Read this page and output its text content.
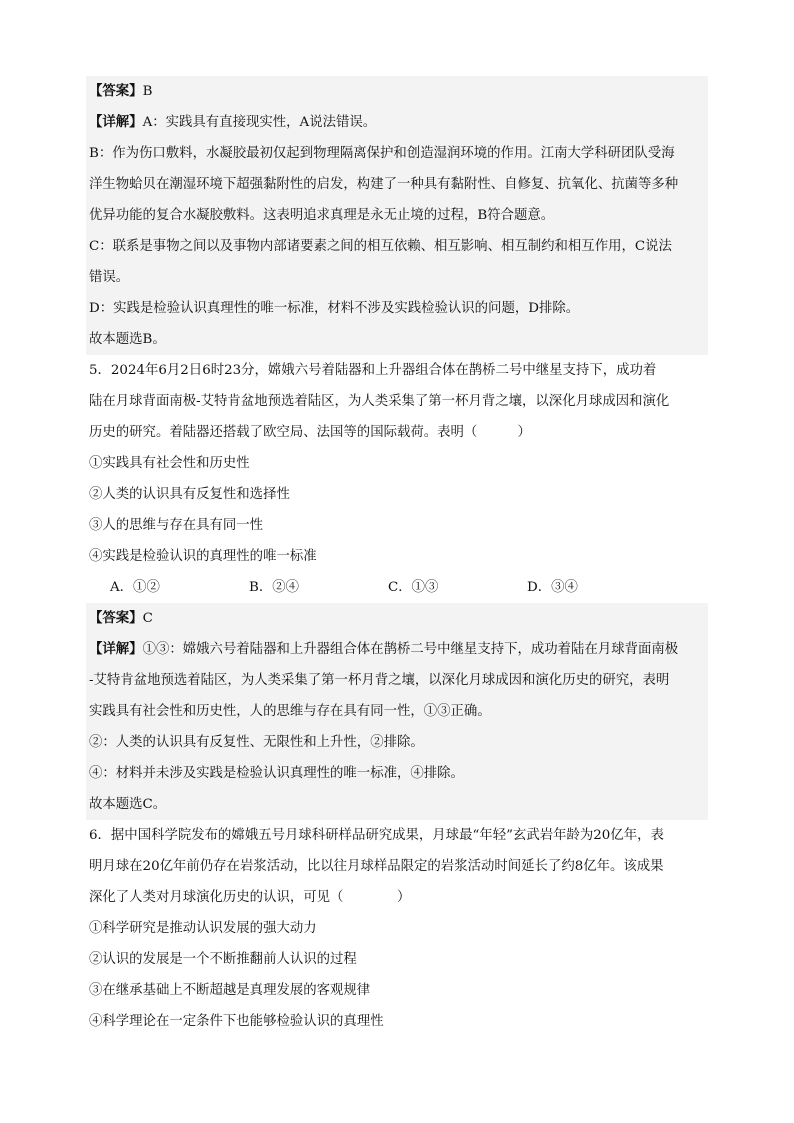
【答案】B
【详解】A：实践具有直接现实性，A说法错误。
B：作为伤口敷料，水凝胶最初仅起到物理隔离保护和创造湿润环境的作用。江南大学科研团队受海
洋生物蛤贝在潮湿环境下超强黏附性的启发，构建了一种具有黏附性、自修复、抗氧化、抗菌等多种
优异功能的复合水凝胶敷料。这表明追求真理是永无止境的过程，B符合题意。
C：联系是事物之间以及事物内部诸要素之间的相互依赖、相互影响、相互制约和相互作用，C说法
错误。
D：实践是检验认识真理性的唯一标准，材料不涉及实践检验认识的问题，D排除。
故本题选B。
5．2024年6月2日6时23分，嫦娥六号着陆器和上升器组合体在鹊桥二号中继星支持下，成功着
陆在月球背面南极-艾特肯盆地预选着陆区，为人类采集了第一杯月背之壤，以深化月球成因和演化
历史的研究。着陆器还搭载了欧空局、法国等的国际载荷。表明（　　　）
①实践具有社会性和历史性
②人类的认识具有反复性和选择性
③人的思维与存在具有同一性
④实践是检验认识的真理性的唯一标准
A．①②	B．②④	C．①③	D．③④
【答案】C
【详解】①③：嫦娥六号着陆器和上升器组合体在鹊桥二号中继星支持下，成功着陆在月球背面南极
-艾特肯盆地预选着陆区，为人类采集了第一杯月背之壤，以深化月球成因和演化历史的研究，表明
实践具有社会性和历史性，人的思维与存在具有同一性，①③正确。
②：人类的认识具有反复性、无限性和上升性，②排除。
④：材料并未涉及实践是检验认识真理性的唯一标准，④排除。
故本题选C。
6．据中国科学院发布的嫦娥五号月球科研样品研究成果，月球最“年轻”玄武岩年龄为20亿年，表
明月球在20亿年前仍存在岩浆活动，比以往月球样品限定的岩浆活动时间延长了约8亿年。该成果
深化了人类对月球演化历史的认识，可见（　　　　）
①科学研究是推动认识发展的强大动力
②认识的发展是一个不断推翻前人认识的过程
③在继承基础上不断超越是真理发展的客观规律
④科学理论在一定条件下也能够检验认识的真理性
